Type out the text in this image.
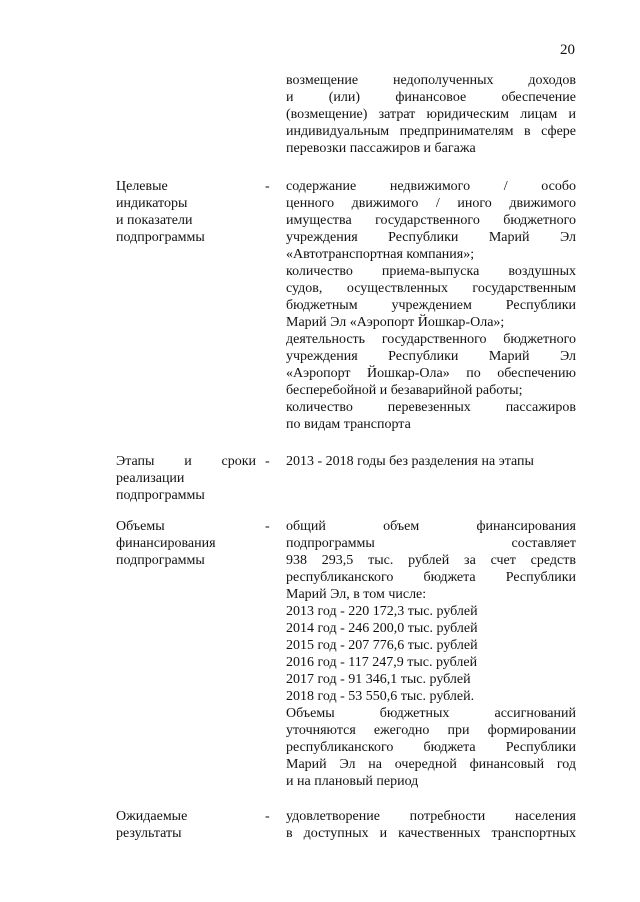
20
возмещение недополученных доходов
и (или) финансовое обеспечение
(возмещение) затрат юридическим лицам и
индивидуальным предпринимателям в сфере
перевозки пассажиров и багажа
Целевые
индикаторы
и показатели
подпрограммы
- содержание недвижимого / особо
ценного движимого / иного движимого
имущества государственного бюджетного
учреждения Республики Марий Эл
«Автотранспортная компания»;
количество приема-выпуска воздушных
судов, осуществленных государственным
бюджетным учреждением Республики
Марий Эл «Аэропорт Йошкар-Ола»;
деятельность государственного бюджетного
учреждения Республики Марий Эл
«Аэропорт Йошкар-Ола» по обеспечению
бесперебойной и безаварийной работы;
количество перевезенных пассажиров
по видам транспорта
Этапы и сроки
реализации
подпрограммы
- 2013 - 2018 годы без разделения на этапы
Объемы
финансирования
подпрограммы
- общий объем финансирования
подпрограммы составляет
938 293,5 тыс. рублей за счет средств
республиканского бюджета Республики
Марий Эл, в том числе:
2013 год - 220 172,3 тыс. рублей
2014 год - 246 200,0 тыс. рублей
2015 год - 207 776,6 тыс. рублей
2016 год - 117 247,9 тыс. рублей
2017 год - 91 346,1 тыс. рублей
2018 год - 53 550,6 тыс. рублей.
Объемы бюджетных ассигнований
уточняются ежегодно при формировании
республиканского бюджета Республики
Марий Эл на очередной финансовый год
и на плановый период
Ожидаемые
результаты
- удовлетворение потребности населения
в доступных и качественных транспортных
